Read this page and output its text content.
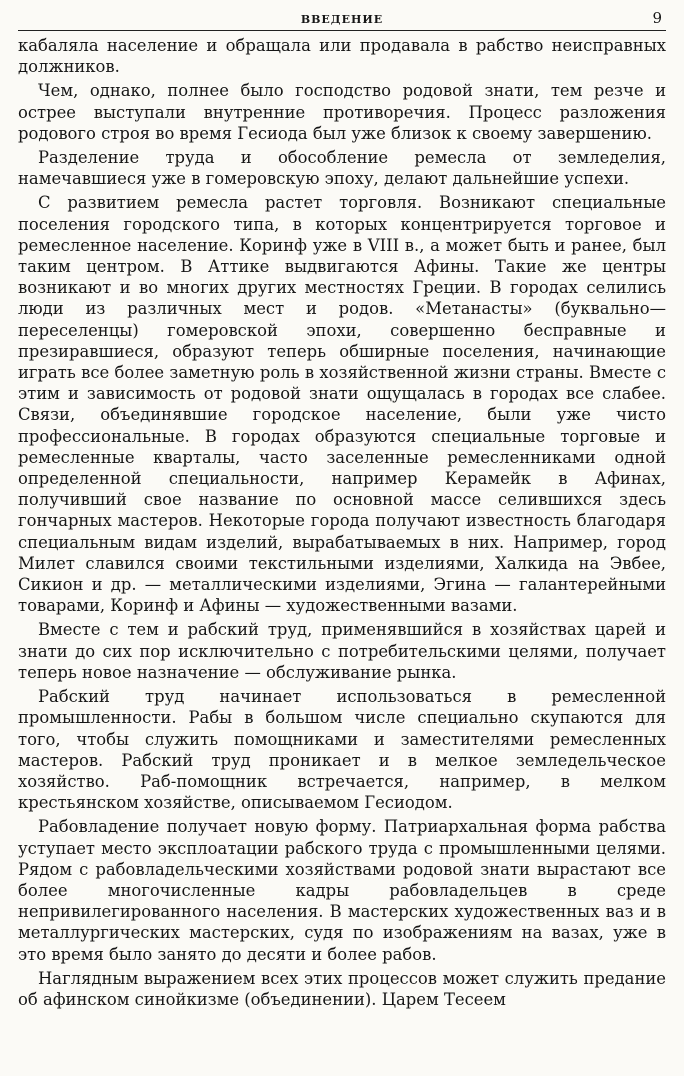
ВВЕДЕНИЕ	9

кабаляла население и обращала или продавала в рабство неисправных должников.

Чем, однако, полнее было господство родовой знати, тем резче и острее выступали внутренние противоречия. Процесс разложения родового строя во время Гесиода был уже близок к своему завершению.

Разделение труда и обособление ремесла от земледелия, намечавшиеся уже в гомеровскую эпоху, делают дальнейшие успехи.

С развитием ремесла растет торговля. Возникают специальные поселения городского типа, в которых концентрируется торговое и ремесленное население. Коринф уже в VIII в., а может быть и ранее, был таким центром. В Аттике выдвигаются Афины. Такие же центры возникают и во многих других местностях Греции. В городах селились люди из различных мест и родов. «Метанасты» (буквально—переселенцы) гомеровской эпохи, совершенно бесправные и презиравшиеся, образуют теперь обширные поселения, начинающие играть все более заметную роль в хозяйственной жизни страны. Вместе с этим и зависимость от родовой знати ощущалась в городах все слабее. Связи, объединявшие городское население, были уже чисто профессиональные. В городах образуются специальные торговые и ремесленные кварталы, часто заселенные ремесленниками одной определенной специальности, например Керамейк в Афинах, получивший свое название по основной массе селившихся здесь гончарных мастеров. Некоторые города получают известность благодаря специальным видам изделий, вырабатываемых в них. Например, город Милет славился своими текстильными изделиями, Халкида на Эвбее, Сикион и др. — металлическими изделиями, Эгина — галантерейными товарами, Коринф и Афины — художественными вазами.

Вместе с тем и рабский труд, применявшийся в хозяйствах царей и знати до сих пор исключительно с потребительскими целями, получает теперь новое назначение — обслуживание рынка.

Рабский труд начинает использоваться в ремесленной промышленности. Рабы в большом числе специально скупаются для того, чтобы служить помощниками и заместителями ремесленных мастеров. Рабский труд проникает и в мелкое земледельческое хозяйство. Раб-помощник встречается, например, в мелком крестьянском хозяйстве, описываемом Гесиодом.

Рабовладение получает новую форму. Патриархальная форма рабства уступает место эксплоатации рабского труда с промышленными целями. Рядом с рабовладельческими хозяйствами родовой знати вырастают все более многочисленные кадры рабовладельцев в среде непривилегированного населения. В мастерских художественных ваз и в металлургических мастерских, судя по изображениям на вазах, уже в это время было занято до десяти и более рабов.

Наглядным выражением всех этих процессов может служить предание об афинском синойкизме (объединении). Царем Тесеем
